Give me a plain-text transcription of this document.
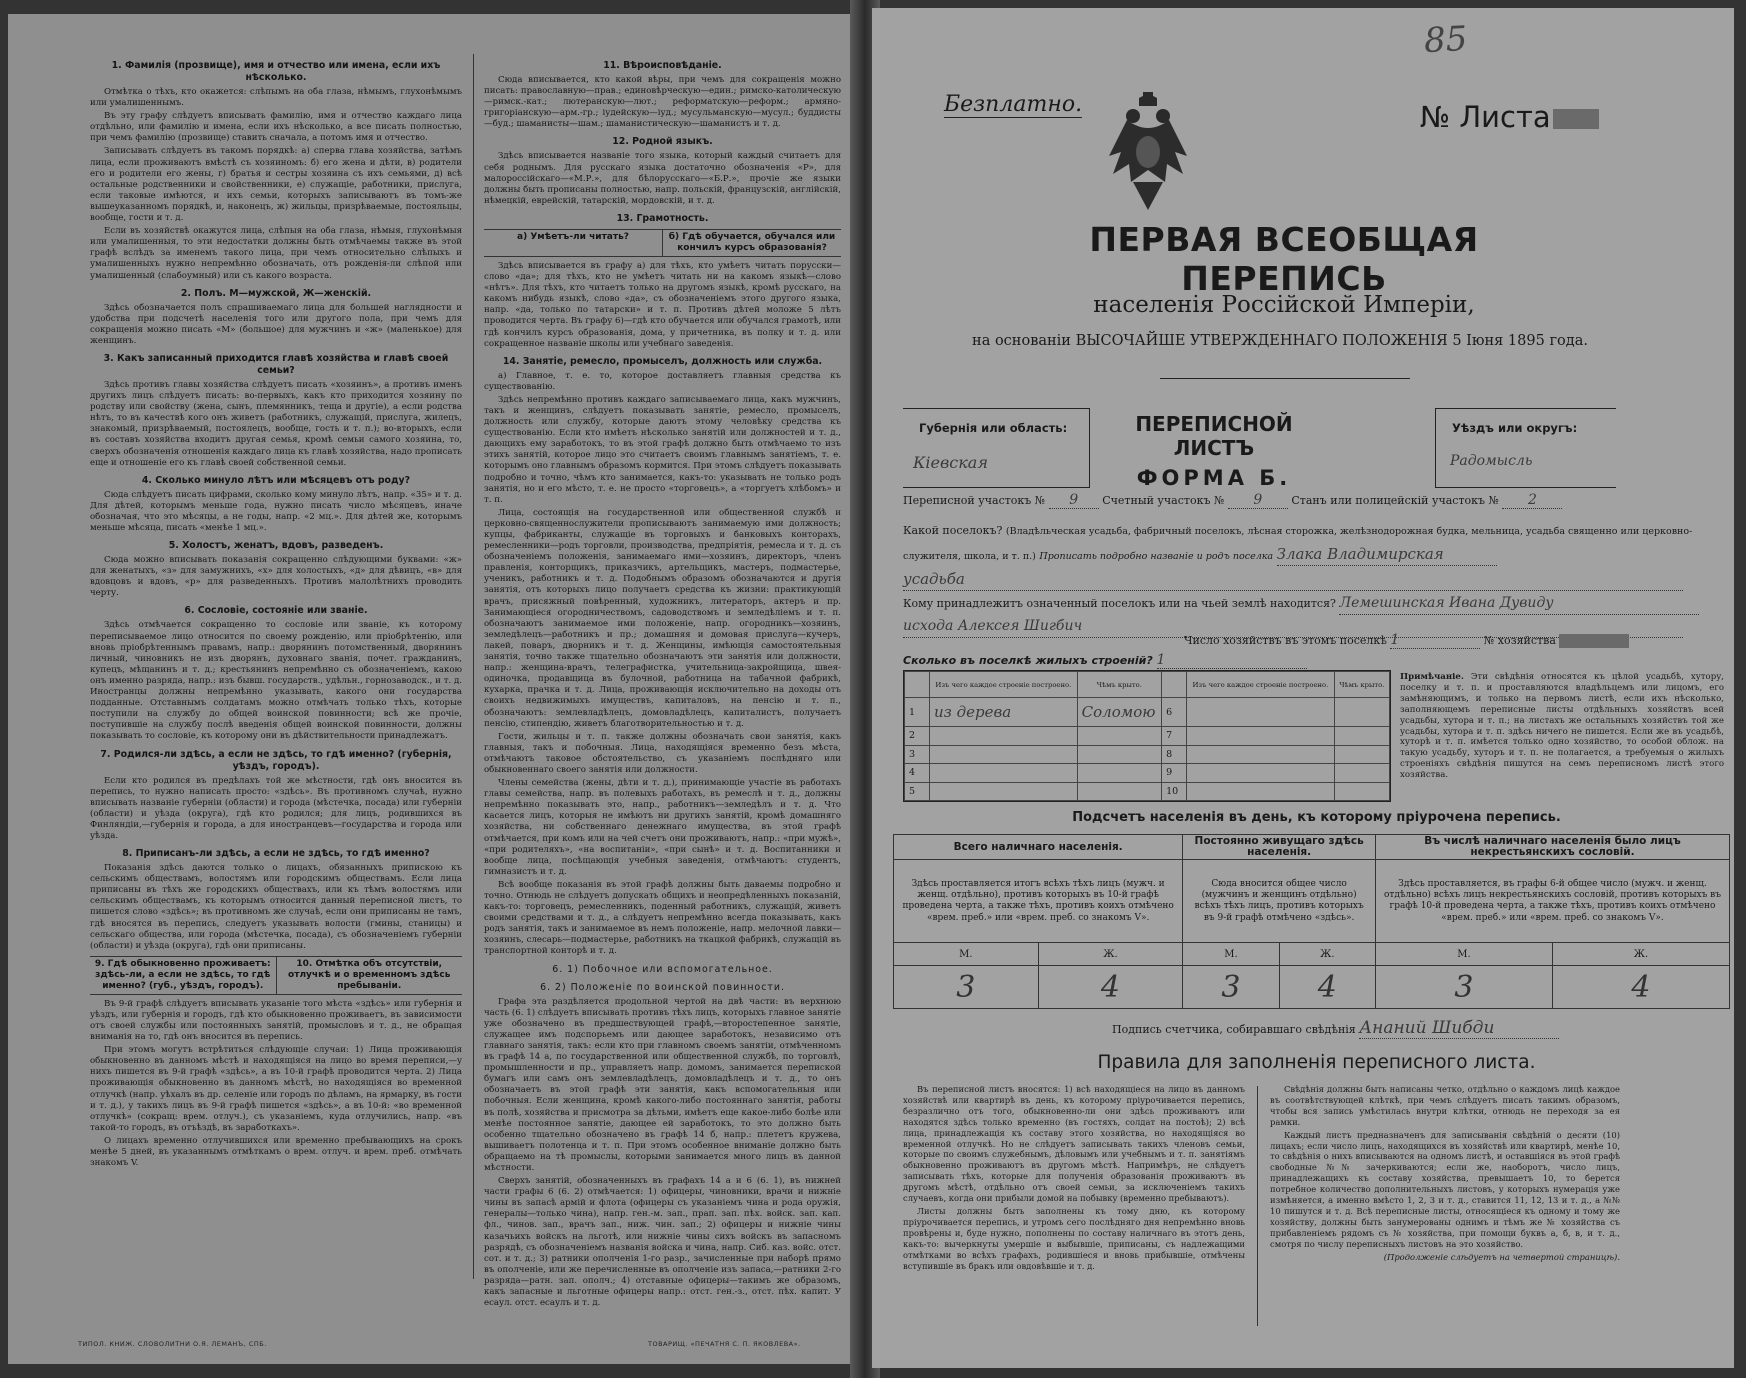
1. Фамилія (прозвище), имя и отчество или имена, если ихъ нѣсколько.

Отмѣтка о тѣхъ, кто окажется: слѣпымъ на оба глаза, нѣмымъ, глухонѣмымъ или умалишеннымъ.

Въ эту графу слѣдуетъ вписывать фамилію, имя и отчество каждаго лица отдѣльно, или фамилію и имена, если ихъ нѣсколько, а все писать полностью, при чемъ фамилію (прозвище) ставить сначала, а потомъ имя и отчество.

Записывать слѣдуетъ въ такомъ порядкѣ: а) сперва глава хозяйства, затѣмъ лица, если проживаютъ вмѣстѣ съ хозяиномъ: б) его жена и дѣти, в) родители его и родители его жены, г) братья и сестры хозяина съ ихъ семьями, д) всѣ остальные родственники и свойственники, е) служащіе, работники, прислуга, если таковые имѣются, и ихъ семьи, которыхъ записываютъ въ томъ-же вышеуказанномъ порядкѣ, и, наконецъ, ж) жильцы, призрѣваемые, постояльцы, вообще, гости и т. д.

Если въ хозяйствѣ окажутся лица, слѣпыя на оба глаза, нѣмыя, глухонѣмыя или умалишенныя, то эти недостатки должны быть отмѣчаемы также въ этой графѣ вслѣдъ за именемъ такого лица, при чемъ относительно слѣпыхъ и умалишенныхъ нужно непремѣнно обозначать, отъ рожденія-ли слѣпой или умалишенный (слабоумный) или съ какого возраста.

2. Полъ. М—мужской, Ж—женскій.

Здѣсь обозначается полъ спрашиваемаго лица для большей наглядности и удобства при подсчетѣ населенія того или другого пола, при чемъ для сокращенія можно писать «М» (большое) для мужчинъ и «ж» (маленькое) для женщинъ.

3. Какъ записанный приходится главѣ хозяйства и главѣ своей семьи?

Здѣсь противъ главы хозяйства слѣдуетъ писать «хозяинъ», а противъ именъ другихъ лицъ слѣдуетъ писать: во-первыхъ, какъ кто приходится хозяину по родству или свойству (жена, сынъ, племянникъ, теща и другіе), а если родства нѣтъ, то въ качествѣ кого онъ живетъ (работникъ, служащій, прислуга, жилецъ, знакомый, призрѣваемый, постоялецъ, вообще, гость и т. п.); во-вторыхъ, если въ составъ хозяйства входитъ другая семья, кромѣ семьи самого хозяина, то, сверхъ обозначенія отношенія каждаго лица къ главѣ хозяйства, надо прописать еще и отношеніе его къ главѣ своей собственной семьи.

4. Сколько минуло лѣтъ или мѣсяцевъ отъ роду?

Сюда слѣдуетъ писать цифрами, сколько кому минуло лѣтъ, напр. «35» и т. д. Для дѣтей, которымъ меньше года, нужно писать число мѣсяцевъ, иначе обозначая, что это мѣсяцы, а не годы, напр. «2 мц.». Для дѣтей же, которымъ меньше мѣсяца, писать «менѣе 1 мц.».

5. Холостъ, женатъ, вдовъ, разведенъ.

Сюда можно вписывать показанія сокращенно слѣдующими буквами: «ж» для женатыхъ, «з» для замужнихъ, «х» для холостыхъ, «д» для дѣвицъ, «в» для вдовцовъ и вдовъ, «р» для разведенныхъ. Противъ малолѣтнихъ проводить черту.

6. Сословіе, состояніе или званіе.

Здѣсь отмѣчается сокращенно то сословіе или званіе, къ которому переписываемое лицо относится по своему рожденію, или пріобрѣтенію, или вновь пріобрѣтеннымъ правамъ, напр.: дворянинъ потомственный, дворянинъ личный, чиновникъ не изъ дворянъ, духовнаго званія, почет. гражданинъ, купецъ, мѣщанинъ и т. д.; крестьянинъ непремѣнно съ обозначеніемъ, какою онъ именно разряда, напр.: изъ бывш. государств., удѣльн., горнозаводск., и т. д. Иностранцы должны непремѣнно указывать, какого они государства подданные. Отставнымъ солдатамъ можно отмѣчать только тѣхъ, которые поступили на службу до общей воинской повинности; всѣ же прочіе, поступившіе на службу послѣ введенія общей воинской повинности, должны показывать то сословіе, къ которому они въ дѣйствительности принадлежатъ.

7. Родился-ли здѣсь, а если не здѣсь, то гдѣ именно? (губернія, уѣздъ, городъ).

Если кто родился въ предѣлахъ той же мѣстности, гдѣ онъ вносится въ перепись, то нужно написать просто: «здѣсь». Въ противномъ случаѣ, нужно вписывать названіе губерніи (области) и города (мѣстечка, посада) или губерніи (области) и уѣзда (округа), гдѣ кто родился; для лицъ, родившихся въ Финляндіи,—губернія и города, а для иностранцевъ—государства и города или уѣзда.

8. Приписанъ-ли здѣсь, а если не здѣсь, то гдѣ именно?

Показанія здѣсь даются только о лицахъ, обязанныхъ припискою къ сельскимъ обществамъ, волостямъ или городскимъ обществамъ. Если лица приписаны въ тѣхъ же городскихъ обществахъ, или къ тѣмъ волостямъ или сельскимъ обществамъ, къ которымъ относится данный переписной листъ, то пишется слово «здѣсь»; въ противномъ же случаѣ, если они приписаны не тамъ, гдѣ вносятся въ перепись, следуетъ указывать волости (гмины, станицы) и сельскаго общества, или города (мѣстечка, посада), съ обозначеніемъ губерніи (области) и уѣзда (округа), гдѣ они приписаны.

9. Гдѣ обыкновенно проживаетъ: здѣсь-ли, а если не здѣсь, то гдѣ именно? (губ., уѣздъ, городъ).
10. Отмѣтка объ отсутствіи, отлучкѣ и о временномъ здѣсь пребываніи.

Въ 9-й графѣ слѣдуетъ вписывать указаніе того мѣста «здѣсь» или губернія и уѣздъ, или губернія и городъ, гдѣ кто обыкновенно проживаетъ, въ зависимости отъ своей службы или постоянныхъ занятій, промысловъ и т. д., не обращая вниманія на то, гдѣ онъ вносится въ перепись.

При этомъ могутъ встрѣтиться слѣдующіе случаи: 1) Лица проживающія обыкновенно въ данномъ мѣстѣ и находящіяся на лицо во время переписи,—у нихъ пишется въ 9-й графѣ «здѣсь», а въ 10-й графѣ проводится черта. 2) Лица проживающія обыкновенно въ данномъ мѣстѣ, но находящіяся во временной отлучкѣ (напр. уѣхалъ въ др. селеніе или городъ по дѣламъ, на ярмарку, въ гости и т. д.), у такихъ лицъ въ 9-й графѣ пишется «здѣсь», а въ 10-й: «во временной отлучкѣ» (сокращ: врем. отлуч.), съ указаніемъ, куда отлучились, напр. «въ такой-то городъ, въ отъѣздѣ, въ заработкахъ».

О лицахъ временно отлучившихся или временно пребывающихъ на срокъ менѣе 5 дней, въ указаннымъ отмѣткамъ о врем. отлуч. и врем. преб. отмѣчать знакомъ V.

11. Вѣроисповѣданіе.

Сюда вписывается, кто какой вѣры, при чемъ для сокращенія можно писать: православную—прав.; единовѣрческую—един.; римско-католическую—римск.-кат.; лютеранскую—лют.; реформатскую—реформ.; армяно-григоріанскую—арм.-гр.; іудейскую—іуд.; мусульманскую—мусул.; буддисты—буд.; шаманисты—шам.; шаманистическую—шаманистъ и т. д.

12. Родной языкъ.

Здѣсь вписывается названіе того языка, который каждый считаетъ для себя роднымъ. Для русскаго языка достаточно обозначенія «Р», для малороссійскаго—«М.Р.», для бѣлорусскаго—«Б.Р.», прочіе же языки должны быть прописаны полностью, напр. польскій, французскій, англійскій, нѣмецкій, еврейскій, татарскій, мордовскій, и т. д.

13. Грамотность.
а) Умѣетъ-ли читать?	б) Гдѣ обучается, обучался или кончилъ курсъ образованія?

Здѣсь вписывается въ графу а) для тѣхъ, кто умѣетъ читать порусски—слово «да»; для тѣхъ, кто не умѣетъ читать ни на какомъ языкѣ—слово «нѣтъ». Для тѣхъ, кто читаетъ только на другомъ языкѣ, кромѣ русскаго, на какомъ нибудь языкѣ, слово «да», съ обозначеніемъ этого другого языка, напр. «да, только по татарски» и т. п. Противъ дѣтей моложе 5 лѣтъ проводится черта. Въ графу 6)—гдѣ кто обучается или обучался грамотѣ, или гдѣ кончилъ курсъ образованія, дома, у причетника, въ полку и т. д. или сокращенное названіе школы или учебнаго заведенія.

14. Занятіе, ремесло, промыселъ, должность или служба.

а) Главное, т. е. то, которое доставляетъ главныя средства къ существованію.

Здѣсь непремѣнно противъ каждаго записываемаго лица, какъ мужчинъ, такъ и женщинъ, слѣдуетъ показывать занятіе, ремесло, промыселъ, должность или службу, которые даютъ этому человѣку средства къ существованію. Если кто имѣетъ нѣсколько занятій или должностей и т. д., дающихъ ему заработокъ, то въ этой графѣ должно быть отмѣчаемо то изъ этихъ занятій, которое лицо это считаетъ своимъ главнымъ занятіемъ, т. е. которымъ оно главнымъ образомъ кормится. При этомъ слѣдуетъ показывать подробно и точно, чѣмъ кто занимается, какъ-то: указывать не только родъ занятія, но и его мѣсто, т. е. не просто «торговецъ», а «торгуетъ хлѣбомъ» и т. п.

Лица, состоящія на государственной или общественной службѣ и церковно-священнослужители прописываютъ занимаемую ими должность; купцы, фабриканты, служащіе въ торговыхъ и банковыхъ конторахъ, ремесленники—родъ торговли, производства, предпріятія, ремесла и т. д. съ обозначеніемъ положенія, занимаемаго ими—хозяинъ, директоръ, членъ правленія, конторщикъ, приказчикъ, артельщикъ, мастеръ, подмастерье, ученикъ, работникъ и т. д. Подобнымъ образомъ обозначаются и другія занятія, отъ которыхъ лицо получаетъ средства къ жизни: практикующій врачъ, присяжный повѣренный, художникъ, литераторъ, актеръ и пр. Занимающіеся огородничествомъ, садоводствомъ и земледѣліемъ и т. п. обозначаютъ занимаемое ими положеніе, напр. огородникъ—хозяинъ, земледѣлецъ—работникъ и пр.; домашняя и домовая прислуга—кучеръ, лакей, поваръ, дворникъ и т. д. Женщины, имѣющія самостоятельныя занятія, точно также тщательно обозначаютъ эти занятія или должности, напр.: женщина-врачъ, телеграфистка, учительница-закройщица, швея-одиночка, продавщица въ булочной, работница на табачной фабрикѣ, кухарка, прачка и т. д. Лица, проживающія исключительно на доходы отъ своихъ недвижимыхъ имуществъ, капиталовъ, на пенсію и т. п., обозначаютъ: землевладѣлецъ, домовладѣлецъ, капиталистъ, получаетъ пенсію, стипендію, живетъ благотворительностью и т. д.

Гости, жильцы и т. п. также должны обозначать свои занятія, какъ главныя, такъ и побочныя. Лица, находящіяся временно безъ мѣста, отмѣчаютъ таковое обстоятельство, съ указаніемъ послѣдняго или обыкновеннаго своего занятія или должности.

Члены семейства (жены, дѣти и т. д.), принимающіе участіе въ работахъ главы семейства, напр. въ полевыхъ работахъ, въ ремеслѣ и т. д., должны непремѣнно показывать это, напр., работникъ—земледѣлъ и т. д. Что касается лицъ, которыя не имѣютъ ни другихъ занятій, кромѣ домашняго хозяйства, ни собственнаго денежнаго имущества, въ этой графѣ отмѣчается, при комъ или на чей счетъ они проживаютъ, напр.: «при мужѣ», «при родителяхъ», «на воспитаніи», «при сынѣ» и т. д. Воспитанники и вообще лица, посѣщающія учебныя заведенія, отмѣчаютъ: студентъ, гимназистъ и т. д.

Всѣ вообще показанія въ этой графѣ должны быть даваемы подробно и точно. Отнюдь не слѣдуетъ допускать общихъ и неопредѣленныхъ показаній, какъ-то: торговецъ, ремесленникъ, поденный работникъ, служащій, живетъ своими средствами и т. д., а слѣдуетъ непремѣнно всегда показывать, какъ родъ занятія, такъ и занимаемое въ немъ положеніе, напр. мелочной лавки—хозяинъ, слесарь—подмастерье, работникъ на ткацкой фабрикѣ, служащій въ транспортной конторѣ и т. д.

6. 1) Побочное или вспомогательное.
6. 2) Положеніе по воинской повинности.

Графа эта раздѣляется продольной чертой на двѣ части: въ верхнюю часть (6. 1) слѣдуетъ вписывать противъ тѣхъ лицъ, которыхъ главное занятіе уже обозначено въ предшествующей графѣ,—второстепенное занятіе, служащее имъ подспорьемъ или дающее заработокъ, независимо отъ главнаго занятія, такъ: если кто при главномъ своемъ занятіи, отмѣченномъ въ графѣ 14 а, по государственной или общественной службѣ, по торговлѣ, промышленности и пр., управляетъ напр. домомъ, занимается перепиской бумагъ или самъ онъ землевладѣлецъ, домовладѣлецъ и т. д., то онъ обозначаетъ въ этой графѣ эти занятія, какъ вспомогательныя или побочныя. Если женщина, кромѣ какого-либо постояннаго занятія, работы въ полѣ, хозяйства и присмотра за дѣтьми, имѣетъ еще какое-либо болѣе или менѣе постоянное занятіе, дающее ей заработокъ, то это должно быть особенно тщательно обозначено въ графѣ 14 б, напр.: плететъ кружева, вышиваетъ полотенца и т. п. При этомъ особенное вниманіе должно быть обращаемо на тѣ промыслы, которыми занимается много лицъ въ данной мѣстности.

Сверхъ занятій, обозначенныхъ въ графахъ 14 а и 6 (6. 1), въ нижней части графы 6 (6. 2) отмѣчается: 1) офицеры, чиновники, врачи и нижніе чины въ запасѣ армій и флота (офицеры съ указаніемъ чина и рода оружія, генералы—только чина), напр. ген.-м. зап., прап. зап. пѣх. войск. зап. кап. фл., чинов. зап., врачъ зап., ниж. чин. зап.; 2) офицеры и нижніе чины казачьихъ войскъ на льготѣ, или нижніе чины сихъ войскъ въ запасномъ разрядѣ, съ обозначеніемъ названія войска и чина, напр. Сиб. каз. войс. отст. сот. и т. д.; 3) ратники ополченія 1-го разр., зачисленные при наборѣ прямо въ ополченіе, или же перечисленные въ ополченіе изъ запаса,—ратники 2-го разряда—ратн. зап. ополч.; 4) отставные офицеры—такимъ же образомъ, какъ запасные и льготные офицеры напр.: отст. ген.-з., отст. пѣх. капит. У есаул. отст. есаулъ и т. д.

ТИПОЛ. КНИЖ. СЛОВОЛИТНИ О.Я. ЛЕМАНЪ, СПБ.	ТОВАРИЩ. «ПЕЧАТНЯ С. П. ЯКОВЛЕВА».
85
Безплатно.	№ Листа
ПЕРВАЯ ВСЕОБЩАЯ ПЕРЕПИСЬ
населенія Россійской Имперіи,
на основаніи ВЫСОЧАЙШЕ УТВЕРЖДЕННАГО ПОЛОЖЕНІЯ 5 Іюня 1895 года.
Губернія или область:
Кіевская
ПЕРЕПИСНОЙ ЛИСТЪ
ФОРМА Б.
Уѣздъ или округъ:
Радомысль
Переписной участокъ № 9 Счетный участокъ № 9	Станъ или полицейскій участокъ № 2
Какой поселокъ? (Владѣльческая усадьба, фабричный поселокъ, лѣсная сторожка, желѣзнодорожная будка, мельница, усадьба священно или церковно-служителя, школа, и т. п.) Прописать подробно названіе и родъ поселка Злака Владимирская
усадьба
Кому принадлежитъ означенный поселокъ или на чьей землѣ находится? Лемешинская Ивана Дувиду
исхода Алексея Шигбич
Число хозяйствъ въ этомъ поселкѣ 1	№ хозяйства
Сколько въ поселкѣ жилыхъ строеній? 1
	Изъ чего каждое строеніе построено.	Чѣмъ крыто.		Изъ чего каждое строеніе построено.	Чѣмъ крыто.
1	из дерева	Соломою	6		
2			7		
3			8		
4			9		
5			10		
Примѣчаніе. Эти свѣдѣнія относятся къ цѣлой усадьбѣ, хутору, поселку и т. п. и проставляются владѣльцемъ или лицомъ, его замѣняющимъ, и только на первомъ листѣ, если ихъ нѣсколько, заполняющемъ переписные листы отдѣльныхъ хозяйствъ всей усадьбы, хутора и т. п.; на листахъ же остальныхъ хозяйствъ той же усадьбы, хутора и т. п. здѣсь ничего не пишется. Если же въ усадьбѣ, хуторѣ и т. п. имѣется только одно хозяйство, то особой облож. на такую усадьбу, хуторъ и т. п. не полагается, а требуемыя о жилыхъ строеніяхъ свѣдѣнія пишутся на семъ переписномъ листѣ этого хозяйства.
Подсчетъ населенія въ день, къ которому пріурочена перепись.
Всего наличнаго населенія.		Постоянно живущаго здѣсь населенія.		Въ числѣ наличнаго населенія было лицъ некрестьянскихъ сословій.	
Здѣсь проставляется итогъ всѣхъ тѣхъ лицъ (мужч. и женщ. отдѣльно), противъ которыхъ въ 10-й графѣ проведена черта, а также тѣхъ, противъ коихъ отмѣчено «врем. преб.» или «врем. преб. со знакомъ V».		Сюда вносится общее число (мужчинъ и женщинъ отдѣльно) всѣхъ тѣхъ лицъ, противъ которыхъ въ 9-й графѣ отмѣчено «здѣсь».		Здѣсь проставляется, въ графы 6-й общее число (мужч. и женщ. отдѣльно) всѣхъ лицъ некрестьянскихъ сословій, противъ которыхъ въ графѣ 10-й проведена черта, а также тѣхъ, противъ коихъ отмѣчено «врем. преб.» или «врем. преб. со знакомъ V».	
М.	Ж.	М.	Ж.	М.	Ж.
3	4	3	4	3	4
Подпись счетчика, собиравшаго свѣдѣнія Ананий Шибди
Правила для заполненія переписного листа.

Въ переписной листъ вносятся: 1) всѣ находящіеся на лицо въ данномъ хозяйствѣ или квартирѣ въ день, къ которому пріурочивается перепись, безразлично отъ того, обыкновенно-ли они здѣсь проживаютъ или находятся здѣсь только временно (въ гостяхъ, солдат на постоѣ); 2) всѣ лица, принадлежащія къ составу этого хозяйства, но находящіяся во временной отлучкѣ. Но не слѣдуетъ записывать такихъ членовъ семьи, которые по своимъ служебнымъ, дѣловымъ или учебнымъ и т. п. занятіямъ обыкновенно проживаютъ въ другомъ мѣстѣ. Напримѣръ, не слѣдуетъ записывать тѣхъ, которые для полученія образованія проживаютъ въ другомъ мѣстѣ, отдѣльно отъ своей семьи, за исключеніемъ такихъ случаевъ, когда они прибыли домой на побывку (временно пребываютъ).

Листы должны быть заполнены къ тому дню, къ которому пріурочивается перепись, и утромъ сего послѣдняго дня непремѣнно вновь провѣрены и, буде нужно, пополнены по составу наличнаго въ этотъ день, какъ-то: вычеркнуты умершіе и выбывшіе, приписаны, съ надлежащими отмѣтками во всѣхъ графахъ, родившіеся и вновь прибывшіе, отмѣчены вступившіе въ бракъ или овдовѣвшіе и т. д.

Свѣдѣнія должны быть написаны четко, отдѣльно о каждомъ лицѣ каждое въ соотвѣтствующей клѣткѣ, при чемъ слѣдуетъ писать такимъ образомъ, чтобы вся запись умѣстилась внутри клѣтки, отнюдь не переходя за ея рамки.

Каждый листъ предназначенъ для записыванія свѣдѣній о десяти (10) лицахъ; если число лицъ, находящихся въ хозяйствѣ или квартирѣ, менѣе 10, то свѣдѣнія о нихъ вписываются на одномъ листѣ, и оставшіяся въ этой графѣ свободные №№ зачеркиваются; если же, наоборотъ, число лицъ, принадлежащихъ къ составу хозяйства, превышаетъ 10, то берется потребное количество дополнительныхъ листовъ, у которыхъ нумерація уже измѣняется, а именно вмѣсто 1, 2, 3 и т. д., ставится 11, 12, 13 и т. д., а №№ 10 пишутся и т. д. Всѣ переписные листы, относящіеся къ одному и тому же хозяйству, должны быть занумерованы однимъ и тѣмъ же № хозяйства съ прибавленіемъ рядомъ съ № хозяйства, при помощи буквъ а, б, в, и т. д., смотря по числу переписныхъ листовъ на это хозяйство.

(Продолженіе слѣдуетъ на четвертой страницѣ).
